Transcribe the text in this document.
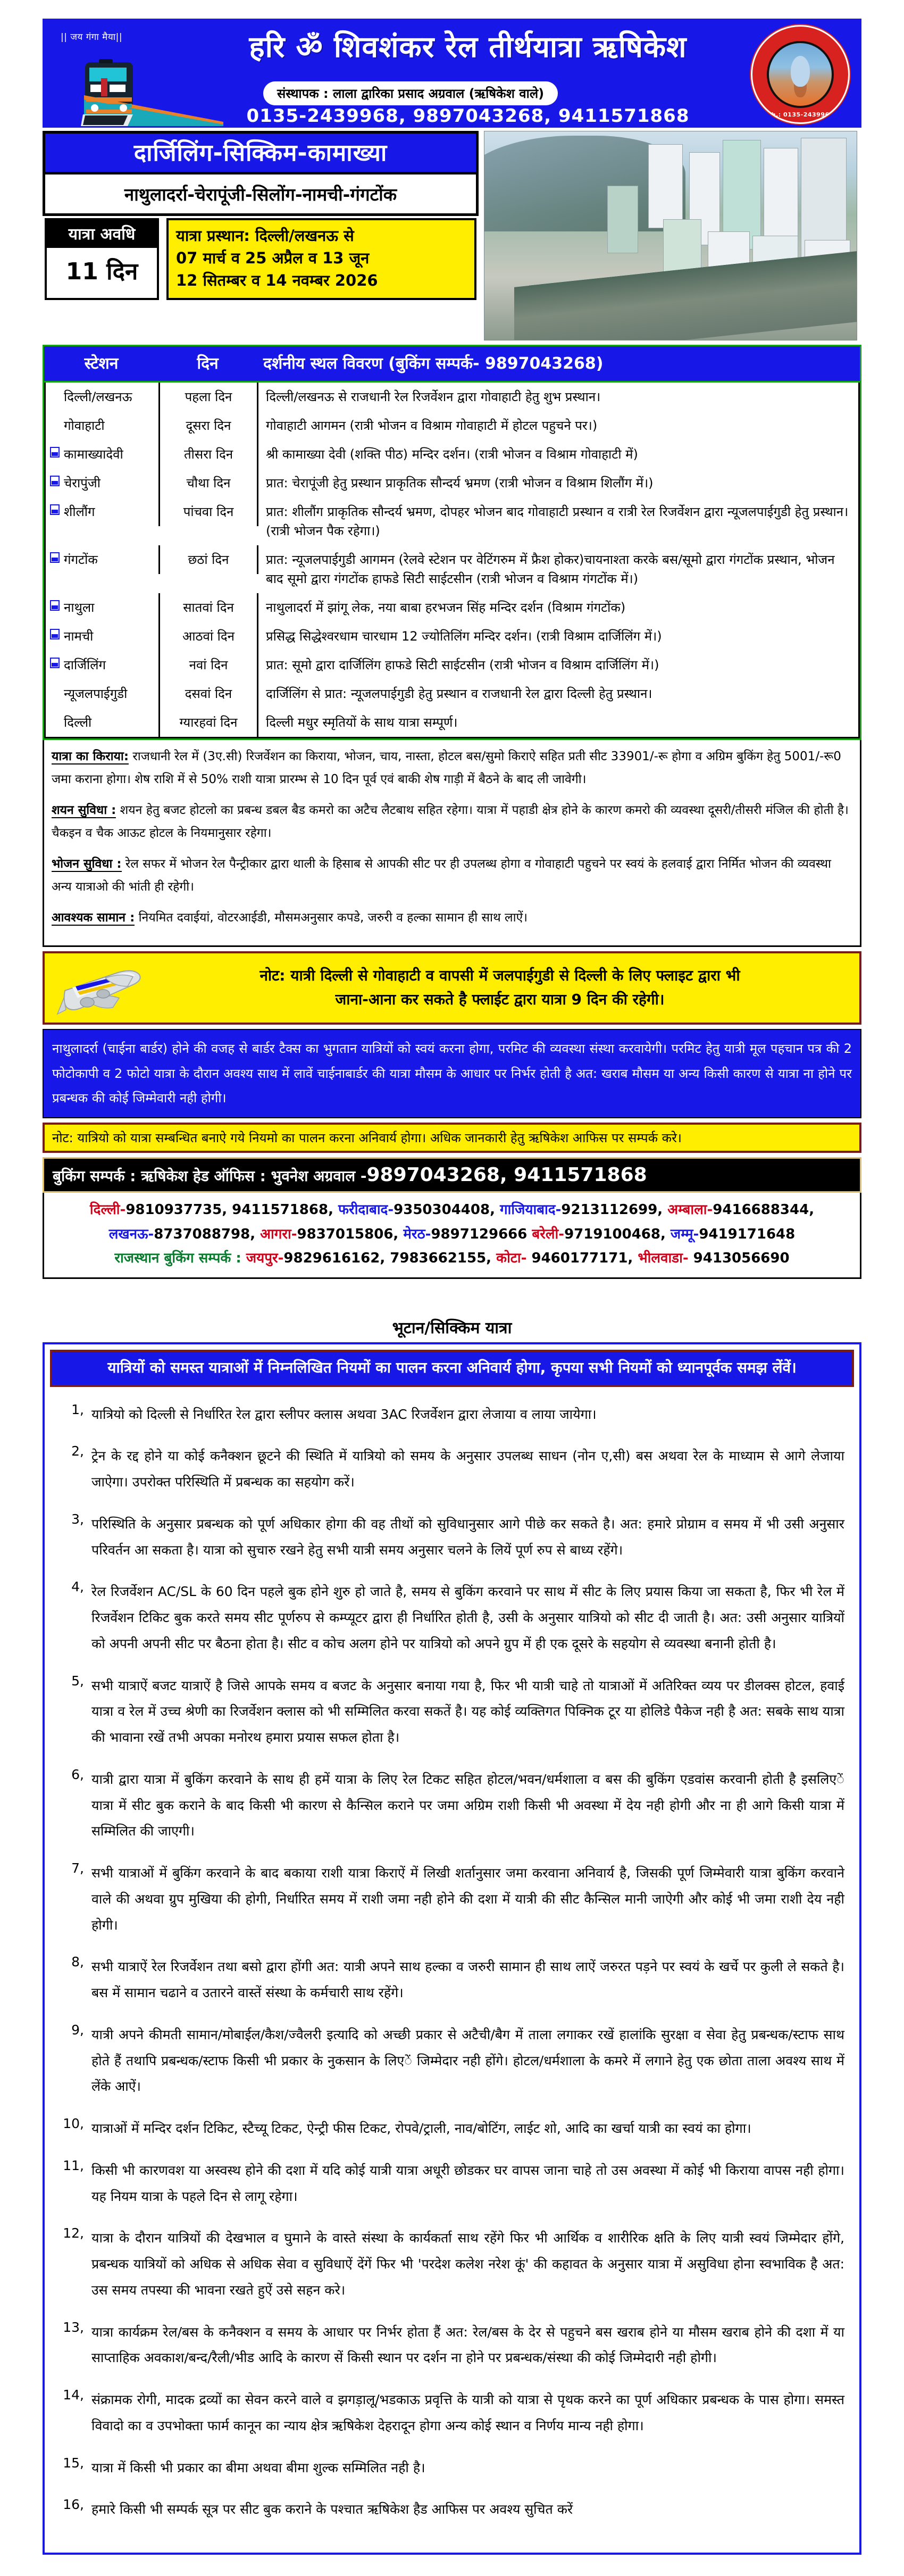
|| जय गंगा मैया||	हरि ॐ शिवशंकर रेल तीर्थयात्रा ऋषिकेश
संस्थापक : लाला द्वारिका प्रसाद अग्रवाल (ऋषिकेश वाले)
0135-2439968, 9897043268, 9411571868	Ph.: 0135-2439968
दार्जिलिंग-सिक्किम-कामाख्या
नाथुलादर्रा-चेरापूंजी-सिलोंग-नामची-गंगटोंक
यात्रा अवधि
11 दिन
यात्रा प्रस्थान: दिल्ली/लखनऊ से
07 मार्च व 25 अप्रैल व 13 जून
12 सितम्बर व 14 नवम्बर 2026
स्टेशन	दिन	दर्शनीय स्थल विवरण (बुकिंग सम्पर्क- 9897043268)
दिल्ली/लखनऊ	पहला दिन	दिल्ली/लखनऊ से राजधानी रेल रिजर्वेशन द्वारा गोवाहाटी हेतु शुभ प्रस्थान।
गोवाहाटी	दूसरा दिन	गोवाहाटी आगमन (रात्री भोजन व विश्राम गोवाहाटी में होटल पहुचने पर।)
कामाख्यादेवी	तीसरा दिन	श्री कामाख्या देवी (शक्ति पीठ) मन्दिर दर्शन। (रात्री भोजन व विश्राम गोवाहाटी में)
चेरापुंजी	चौथा दिन	प्रात: चेरापूंजी हेतु प्रस्थान प्राकृतिक सौन्दर्य भ्रमण (रात्री भोजन व विश्राम शिलौंग में।)
शीलौंग	पांचवा दिन	प्रात: शीलौंग प्राकृतिक सौन्दर्य भ्रमण, दोपहर भोजन बाद गोवाहाटी प्रस्थान व रात्री रेल रिजर्वेशन द्वारा न्यूजलपाईगुडी हेतु प्रस्थान। (रात्री भोजन पैक रहेगा।)
गंगटोंक	छठां दिन	प्रात: न्यूजलपाईगुडी आगमन (रेलवे स्टेशन पर वेटिंगरुम में फ्रैश होकर)चायनाश्ता करके बस/सूमो द्वारा गंगटोंक प्रस्थान, भोजन बाद सूमो द्वारा गंगटोंक हाफडे सिटी साईटसीन (रात्री भोजन व विश्राम गंगटोंक में।)
नाथुला	सातवां दिन	नाथुलादर्रा में झांगू लेक, नया बाबा हरभजन सिंह मन्दिर दर्शन (विश्राम गंगटोंक)
नामची	आठवां दिन	प्रसिद्ध सिद्धेश्वरधाम चारधाम 12 ज्योतिलिंग मन्दिर दर्शन। (रात्री विश्राम दार्जिलिंग में।)
दार्जिलिंग	नवां दिन	प्रात: सूमो द्वारा दार्जिलिंग हाफडे सिटी साईटसीन (रात्री भोजन व विश्राम दार्जिलिंग में।)
न्यूजलपाईगुडी	दसवां दिन	दार्जिलिंग से प्रात: न्यूजलपाईगुडी हेतु प्रस्थान व राजधानी रेल द्वारा दिल्ली हेतु प्रस्थान।
दिल्ली	ग्यारहवां दिन	दिल्ली मधुर स्मृतियों के साथ यात्रा सम्पूर्ण।

यात्रा का किराया: राजधानी रेल में (3ए.सी) रिजर्वेशन का किराया, भोजन, चाय, नास्ता, होटल बस/सुमो किराऐ सहित प्रती सीट 33901/-रू होगा व अग्रिम बुकिंग हेतु 5001/-रू0 जमा कराना होगा। शेष राशि में से 50% राशी यात्रा प्रारम्भ से 10 दिन पूर्व एवं बाकी शेष गाड़ी में बैठने के बाद ली जावेगी।

शयन सुविधा : शयन हेतु बजट होटलो का प्रबन्ध डबल बैड कमरो का अटैच लैटबाथ सहित रहेगा। यात्रा में पहाडी क्षेत्र होने के कारण कमरो की व्यवस्था दूसरी/तीसरी मंजिल की होती है। चैकइन व चैक आऊट होटल के नियमानुसार रहेगा।

भोजन सुविधा : रेल सफर में भोजन रेल पैन्ट्रीकार द्वारा थाली के हिसाब से आपकी सीट पर ही उपलब्ध होगा व गोवाहाटी पहुचने पर स्वयं के हलवाई द्वारा निर्मित भोजन की व्यवस्था अन्य यात्राओ की भांती ही रहेगी।

आवश्यक सामान : नियमित दवाईयां, वोटरआईडी, मौसमअनुसार कपडे, जरुरी व हल्का सामान ही साथ लाऐं।

नोट: यात्री दिल्ली से गोवाहाटी व वापसी में जलपाईगुडी से दिल्ली के लिए फ्लाइट द्वारा भी
जाना-आना कर सकते है फ्लाईट द्वारा यात्रा 9 दिन की रहेगी।
नाथुलादर्रा (चाईना बार्डर) होने की वजह से बार्डर टैक्स का भुगतान यात्रियों को स्वयं करना होगा, परमिट की व्यवस्था संस्था करवायेगी। परमिट हेतु यात्री मूल पहचान पत्र की 2 फोटोकापी व 2 फोटो यात्रा के दौरान अवश्य साथ में लावें चाईनाबार्डर की यात्रा मौसम के आधार पर निर्भर होती है अत: खराब मौसम या अन्य किसी कारण से यात्रा ना होने पर प्रबन्धक की कोई जिम्मेवारी नही होगी।
नोट: यात्रियो को यात्रा सम्बन्धित बनाऐ गये नियमो का पालन करना अनिवार्य होगा। अधिक जानकारी हेतु ऋषिकेश आफिस पर सम्पर्क करे।
बुकिंग सम्पर्क : ऋषिकेश हेड ऑफिस : भुवनेश अग्रवाल -9897043268, 9411571868
दिल्ली-9810937735, 9411571868, फरीदाबाद-9350304408, गाजियाबाद-9213112699, अम्बाला-9416688344,
लखनऊ-8737088798, आगरा-9837015806, मेरठ-9897129666 बरेली-9719100468, जम्मू-9419171648
राजस्थान बुकिंग सम्पर्क : जयपुर-9829616162, 7983662155, कोटा- 9460177171, भीलवाडा- 9413056690
भूटान/सिक्किम यात्रा
यात्रियों को समस्त यात्राओं में निम्नलिखित नियमों का पालन करना अनिवार्य होगा, कृपया सभी नियमों को ध्यानपूर्वक समझ लेंवें।
1, यात्रियो को दिल्ली से निर्धारित रेल द्वारा स्लीपर क्लास अथवा 3AC रिजर्वेशन द्वारा लेजाया व लाया जायेगा।
2, ट्रेन के रद्द होने या कोई कनैक्शन छूटने की स्थिति में यात्रियो को समय के अनुसार उपलब्ध साधन (नोन ए,सी) बस अथवा रेल के माध्याम से आगे लेजाया जाऐगा। उपरोक्त परिस्थिति में प्रबन्धक का सहयोग करें।
3, परिस्थिति के अनुसार प्रबन्धक को पूर्ण अधिकार होगा की वह तीथों को सुविधानुसार आगे पीछे कर सकते है। अत: हमारे प्रोग्राम व समय में भी उसी अनुसार परिवर्तन आ सकता है। यात्रा को सुचारु रखने हेतु सभी यात्री समय अनुसार चलने के लियें पूर्ण रुप से बाध्य रहेंगे।
4, रेल रिजर्वेशन AC/SL के 60 दिन पहले बुक होने शुरु हो जाते है, समय से बुकिंग करवाने पर साथ में सीट के लिए प्रयास किया जा सकता है, फिर भी रेल में रिजर्वेशन टिकिट बुक करते समय सीट पूर्णरुप से कम्प्यूटर द्वारा ही निर्धारित होती है, उसी के अनुसार यात्रियो को सीट दी जाती है। अत: उसी अनुसार यात्रियों को अपनी अपनी सीट पर बैठना होता है। सीट व कोच अलग होने पर यात्रियो को अपने ग्रुप में ही एक दूसरे के सहयोग से व्यवस्था बनानी होती है।
5, सभी यात्राऐं बजट यात्राऐं है जिसे आपके समय व बजट के अनुसार बनाया गया है, फिर भी यात्री चाहे तो यात्राओं में अतिरिक्त व्यय पर डीलक्स होटल, हवाई यात्रा व रेल में उच्च श्रेणी का रिजर्वेशन क्लास को भी सम्मिलित करवा सकतें है। यह कोई व्यक्तिगत पिक्निक टूर या होलिडे पैकेज नही है अत: सबके साथ यात्रा की भावाना रखें तभी अपका मनोरथ हमारा प्रयास सफल होता है।
6, यात्री द्वारा यात्रा में बुकिंग करवाने के साथ ही हमें यात्रा के लिए रेल टिकट सहित होटल/भवन/धर्मशाला व बस की बुकिंग एडवांस करवानी होती है इसलिएें यात्रा में सीट बुक कराने के बाद किसी भी कारण से कैन्सिल कराने पर जमा अग्रिम राशी किसी भी अवस्था में देय नही होगी और ना ही आगे किसी यात्रा में सम्मिलित की जाएगी।
7, सभी यात्राओं में बुकिंग करवाने के बाद बकाया राशी यात्रा किराऐं में लिखी शर्तानुसार जमा करवाना अनिवार्य है, जिसकी पूर्ण जिम्मेवारी यात्रा बुकिंग करवाने वाले की अथवा ग्रुप मुखिया की होगी, निर्धारित समय में राशी जमा नही होने की दशा में यात्री की सीट कैन्सिल मानी जाऐगी और कोई भी जमा राशी देय नही होगी।
8, सभी यात्राऐं रेल रिजर्वेशन तथा बसो द्वारा होंगी अत: यात्री अपने साथ हल्का व जरुरी सामान ही साथ लाऐं जरुरत पड़ने पर स्वयं के खर्चे पर कुली ले सकते है। बस में सामान चढाने व उतारने वास्तें संस्था के कर्मचारी साथ रहेंगे।
9, यात्री अपने कीमती सामान/मोबाईल/कैश/ज्वैलरी इत्यादि को अच्छी प्रकार से अटैची/बैग में ताला लगाकर रखें हालांकि सुरक्षा व सेवा हेतु प्रबन्धक/स्टाफ साथ होते हैं तथापि प्रबन्धक/स्टाफ किसी भी प्रकार के नुकसान के लिएें जिम्मेदार नही होंगे। होटल/धर्मशाला के कमरे में लगाने हेतु एक छोता ताला अवश्य साथ में लेंके आऐं।
10, यात्राओं में मन्दिर दर्शन टिकिट, स्टैच्यू टिकट, ऐन्ट्री फीस टिकट, रोपवे/ट्राली, नाव/बोटिंग, लाईट शो, आदि का खर्चा यात्री का स्वयं का होगा।
11, किसी भी कारणवश या अस्वस्थ होने की दशा में यदि कोई यात्री यात्रा अधूरी छोडकर घर वापस जाना चाहे तो उस अवस्था में कोई भी किराया वापस नही होगा। यह नियम यात्रा के पहले दिन से लागू रहेगा।
12, यात्रा के दौरान यात्रियों की देखभाल व घुमाने के वास्ते संस्था के कार्यकर्ता साथ रहेंगे फिर भी आर्थिक व शारीरिक क्षति के लिए यात्री स्वयं जिम्मेदार होंगे, प्रबन्धक यात्रियों को अधिक से अधिक सेवा व सुविधाऐं देंगें फिर भी 'परदेश कलेश नरेश कूं' की कहावत के अनुसार यात्रा में असुविधा होना स्वभाविक है अत: उस समय तपस्या की भावना रखते हुऐं उसे सहन करे।
13, यात्रा कार्यक्रम रेल/बस के कनैक्शन व समय के आधार पर निर्भर होता हैं अत: रेल/बस के देर से पहुचने बस खराब होने या मौसम खराब होने की दशा में या साप्ताहिक अवकाश/बन्द/रैली/भीड आदि के कारण सें किसी स्थान पर दर्शन ना होने पर प्रबन्धक/संस्था की कोई जिम्मेदारी नही होगी।
14, संक्रामक रोगी, मादक द्रव्यों का सेवन करने वाले व झगड़ालू/भडकाऊ प्रवृत्ति के यात्री को यात्रा से पृथक करने का पूर्ण अधिकार प्रबन्धक के पास होगा। समस्त विवादो का व उपभोक्ता फार्म कानून का न्याय क्षेत्र ऋषिकेश देहरादून होगा अन्य कोई स्थान व निर्णय मान्य नही होगा।
15, यात्रा में किसी भी प्रकार का बीमा अथवा बीमा शुल्क सम्मिलित नही है।
16, हमारे किसी भी सम्पर्क सूत्र पर सीट बुक कराने के पश्चात ऋषिकेश हैड आफिस पर अवश्य सुचित करें
